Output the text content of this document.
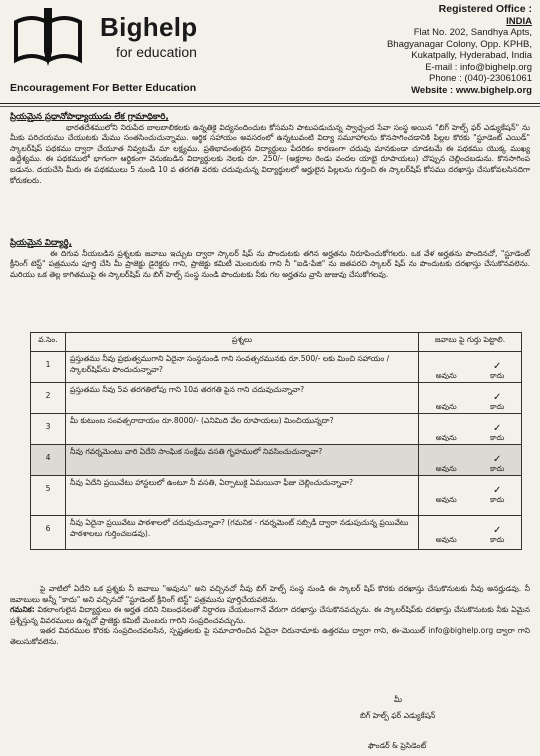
Bighelp
for education
Encouragement For Better Education
Registered Office :
INDIA
Flat No. 202, Sandhya Apts,
Bhagyanagar Colony, Opp. KPHB,
Kukatpally, Hyderabad, India
E-mail : info@bighelp.org
Phone : (040)-23061061
Website : www.bighelp.org
ప్రియమైన ప్రధానోపాధ్యాయుడు లేక గ్రామాధికారి,
భారతదేశములోని నిరుపేద బాలబాలికలకు ఉన్నతికై విద్యనందించుట కోసమని పాటుపడుచున్న స్వాఛ్చంద సేవా సంస్థ అయిన "బిగ్ హెల్ప్ ఫర్ ఎడ్యుకేషన్" ను మీకు పరిచయము చేయుటకు మేము సంతసించుచున్నాము. ఆర్థిక సహాయం అవసరంలో ఉన్నటువంటి విద్యా సమూహాలను కొనసాగించడానికి పిల్లల కొరకు "స్టూడెంట్ ఎయిడ్" స్కాలర్‌షిప్ పథకము ద్వారా చేయూత నివ్వటమే మా లక్ష్యము. ప్రతిభావంతులైన విద్యార్థులు పేదరికం కారణంగా చదువు మానకుండా చూడటమే ఈ పథకము యొక్క ముఖ్య ఉద్దేశ్యము. ఈ పథకములో భాగంగా ఆర్థికంగా వెనుకబడిన విద్యార్థులకు నెలకు రూ. 250/- (అక్షరాల రెండు వందల యాభై రూపాయలు) చొప్పున చెల్లించబడును. కొనసాగింప బడును. దయచేసి మీరు ఈ పథకములు 5 నుండి 10 వ తరగతి వరకు చదువుచున్న విద్యార్థులలో అర్హులైన పిల్లలను గుర్తించి ఈ స్కాలర్‌షిప్ కోసము దరఖాస్తు చేసుకోవలసినదిగా కోరుకలరు.
ప్రియమైన విద్యార్థి,
ఈ దిగువ నీయబడిన ప్రశ్నలకు జవాబు ఇచ్చుట ద్వారా స్కాలర్ షిప్ ను పొందుటకు తగిన అర్హతను నిరూపించుకోగలరు. ఒక వేళ అర్హతను పొందినచో, "స్టూడెంట్ క్రీనింగ్ టెస్ట్" పత్రమును పూర్తి చేసి మీ ప్రాజెక్టు డైరెక్టరు గాని, ప్రాజెక్టు కమిటీ మెంబరుకు గాని నీ "ఐడి-పేజి" ను జతపరచి స్కాలర్ షిప్ ను పొందుటకు దరఖాస్తు చేసుకొనవలెను. మరియు ఒక తెల్ల కాగితముపై ఈ స్కాలర్‌షిప్ ను బిగ్ హెల్ప్ సంస్థ నుండి పొందుటకు నీకు గల అర్హతను వ్రాసి జుజువు చేసుకోగలవు.
వ.సెం.	ప్రశ్నలు	జవాబు పై గుర్తు పెట్టాలి.
1	ప్రస్తుతము నీవు ప్రభుత్వముగాని ఏదైనా సంస్థనుండి గాని సంవత్సరమునకు రూ.500/- లకు మించి సహాయం / స్కాలర్‌షిప్‌ను పొందుచున్నావా?	అవును
✓
కాదు

2	ప్రస్తుతము నీవు 5వ తరగతిలోపు గాని 10వ తరగతి పైన గాని చదువుచున్నావా?	అవును
✓
కాదు

3	మీ కుటుంబ సంవత్సరాదాయం రూ.8000/- (ఎనిమిది వేల రూపాయలు) మించియున్నదా?	అవును
✓
కాదు

4	నీవు గవర్నమెంటు వారి ఏదేని సాంఘిక సంక్షేమ వసతి గృహములో నివసించుచున్నావా?	అవును
✓
కాదు

5	నీవు ఏదేని ప్రయివేటు హాస్టలులో ఉంటూ నీ వసతి, ఏర్పాటుకై ఏమయినా ఫీజు చెల్లించుచున్నావా?	అవును
✓
కాదు

6	నీవు ఏదైనా ప్రయివేటు పాఠశాలలో చదువుచున్నావా? (గమనిక - గవర్నమెంట్ సబ్సిడీ ద్వారా నడుపుచున్న ప్రయివేటు పాఠశాలలు గుర్తించబడవు).	అవును
✓
కాదు
పై వాటిలో ఏదేని ఒక ప్రశ్నకు నీ జవాబు "అవును" అని వచ్చినచో నీవు బిగ్ హెల్ప్ సంస్థ నుండి ఈ స్కాలర్ షిప్ కొరకు దరఖాస్తు చేసుకొనుటకు నీవు అనర్హుడవు. నీ జవాబులు అన్నీ "కాదు" అని వచ్చినచో "స్టూడెంట్ క్రీనింగ్ టెస్ట్" పత్రమును పూర్తిచేయవలెను.
గమనిక: వికలాంగులైన విద్యార్థులు ఈ అర్హత దరిని నిబంధనలతో నిర్ధారణ చేయటంగానే వేరుగా దరఖాస్తు చేసుకొనవచ్చును. ఈ స్కాలర్‌షిప్‌కు దరఖాస్తు చేసుకొనుటకు నీకు ఏమైన ప్రశ్నేస్తున్న వివరములు ఉన్నచో ప్రాజెక్టు కమిటీ మెంబరు గారిని సంప్రదించవచ్చును.
ఇతర వివరముల కొరకు సంప్రదించవలసిన, స్పష్టతలకు పై సమాచారించిన ఏదైనా చిరునామాకు ఉత్తరము ద్వారా గాని, ఈ-మెయిల్ info@bighelp.org ద్వారా గాని తెలుసుకోవలెను.
మీ
బిగ్ హెల్ప్ ఫర్ ఎడ్యుకేషన్
ఫౌండర్ & ప్రెసిడెంట్
